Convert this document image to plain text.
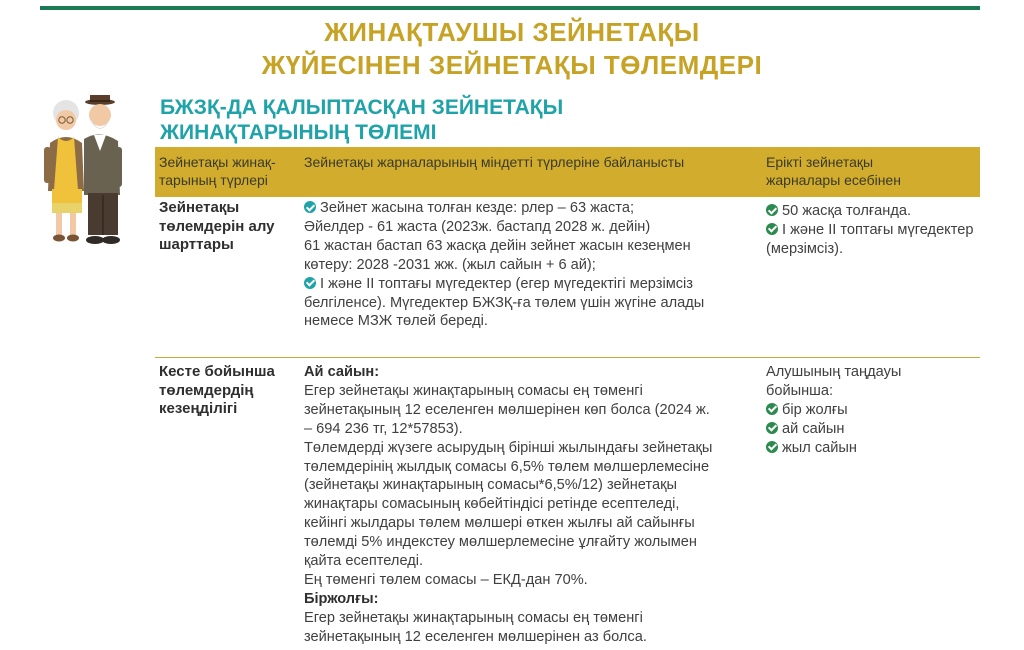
ЖИНАҚТАУШЫ ЗЕЙНЕТАҚЫ
ЖҮЙЕСІНЕН ЗЕЙНЕТАҚЫ ТӨЛЕМДЕРІ
БЖЗҚ-ДА ҚАЛЫПТАСҚАН ЗЕЙНЕТАҚЫ
ЖИНАҚТАРЫНЫҢ ТӨЛЕМІ
Зейнетақы жинақ-
тарының түрлері
Зейнетақы жарналарының міндетті түрлеріне байланысты	Ерікті зейнетақы
жарналары есебінен
Зейнетақы
төлемдерін алу
шарттары
Зейнет жасына толған кезде: рлер – 63 жаста;
Әйелдер - 61 жаста (2023ж. бастапд 2028 ж. дейін)
61 жастан бастап 63 жасқа дейін зейнет жасын кезеңмен
көтеру: 2028 -2031 жж. (жыл сайын + 6 ай);
I және II топтағы мүгедектер (егер мүгедектігі мерзімсіз
белгіленсе). Мүгедектер БЖЗҚ-ға төлем үшін жүгіне алады
немесе МЗЖ төлей береді.
50 жасқа толғанда.
I және II топтағы мүгедектер
(мерзімсіз).
Кесте бойынша
төлемдердің
кезеңділігі
Ай сайын:
Егер зейнетақы жинақтарының сомасы ең төменгі
зейнетақының 12 еселенген мөлшерінен көп болса (2024 ж.
– 694 236 тг, 12*57853).
Төлемдерді жүзеге асырудың бірінші жылындағы зейнетақы
төлемдерінің жылдық сомасы 6,5% төлем мөлшерлемесіне
(зейнетақы жинақтарының сомасы*6,5%/12) зейнетақы
жинақтары сомасының көбейтіндісі ретінде есептеледі,
кейінгі жылдары төлем мөлшері өткен жылғы ай сайынғы
төлемді 5% индекстеу мөлшерлемесіне ұлғайту жолымен
қайта есептеледі.
Ең төменгі төлем сомасы – ЕКД-дан 70%.
Біржолғы:
Егер зейнетақы жинақтарының сомасы ең төменгі
зейнетақының 12 еселенген мөлшерінен аз болса.
Алушының таңдауы
бойынша:
бір жолғы
ай сайын
жыл сайын
